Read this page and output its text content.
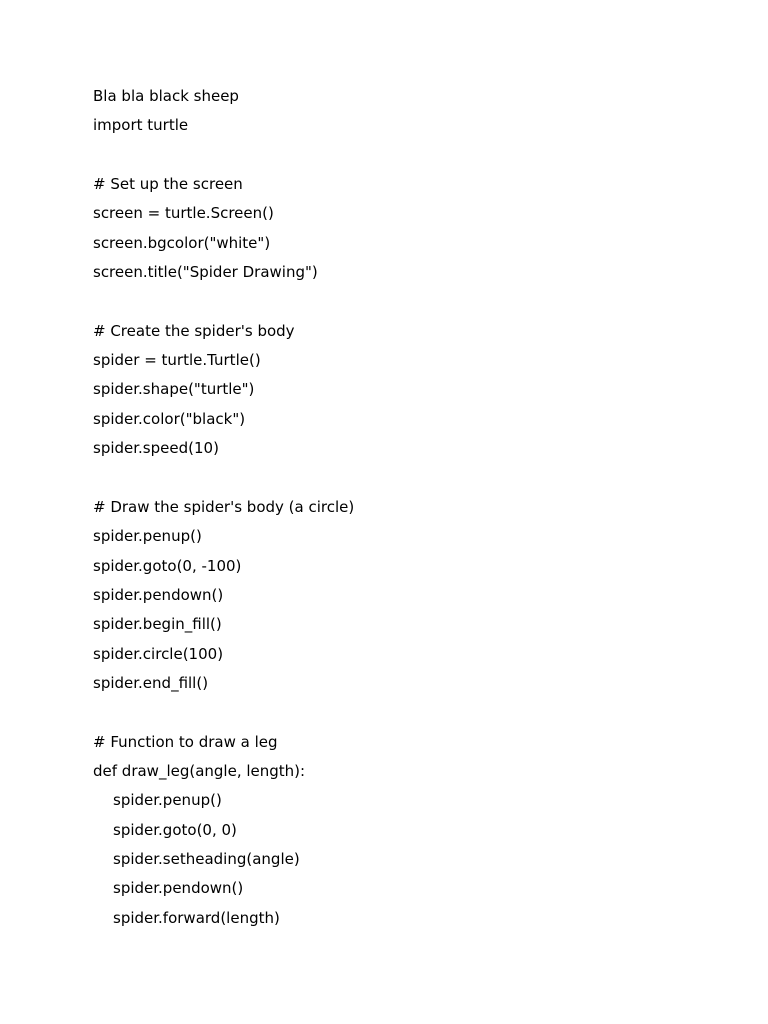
Bla bla black sheep
import turtle
# Set up the screen
screen = turtle.Screen()
screen.bgcolor("white")
screen.title("Spider Drawing")
# Create the spider's body
spider = turtle.Turtle()
spider.shape("turtle")
spider.color("black")
spider.speed(10)
# Draw the spider's body (a circle)
spider.penup()
spider.goto(0, -100)
spider.pendown()
spider.begin_fill()
spider.circle(100)
spider.end_fill()
# Function to draw a leg
def draw_leg(angle, length):
spider.penup()
spider.goto(0, 0)
spider.setheading(angle)
spider.pendown()
spider.forward(length)
